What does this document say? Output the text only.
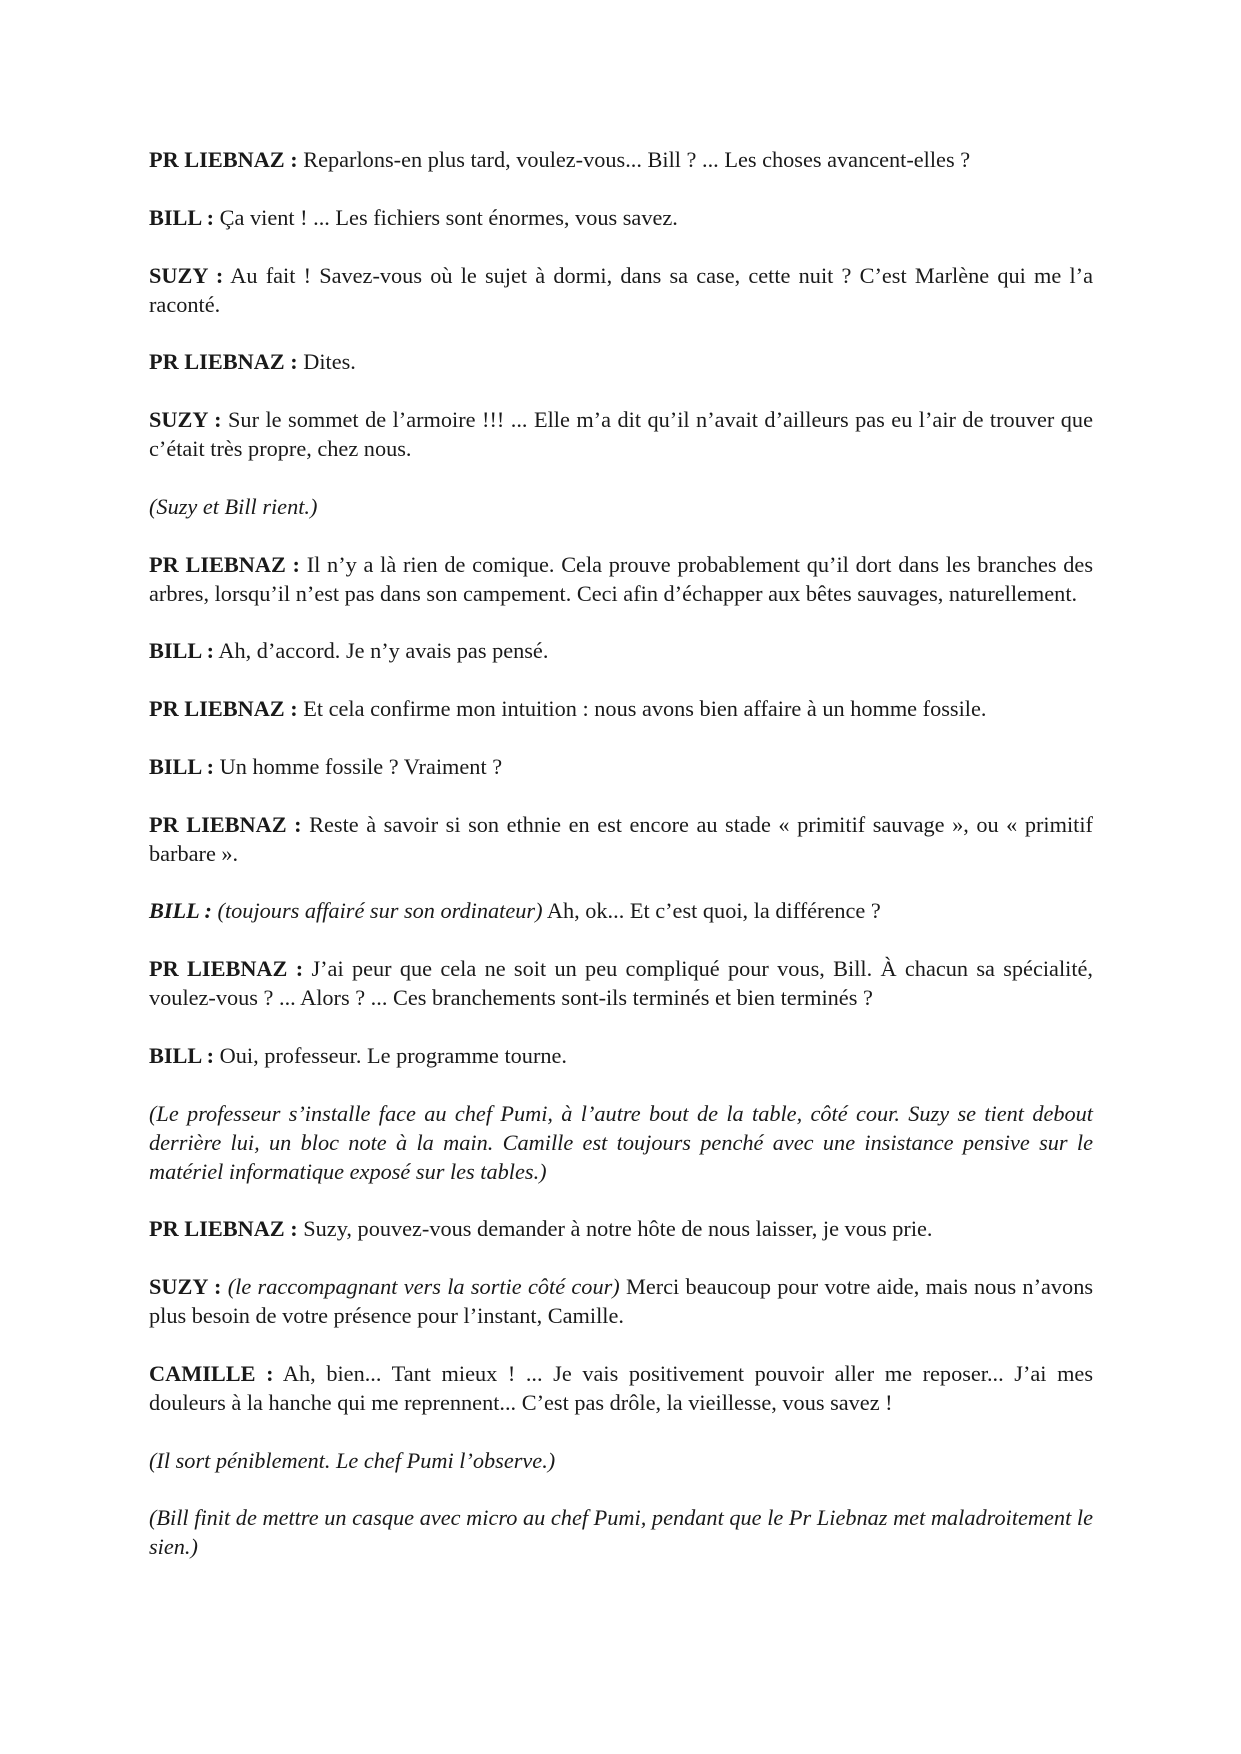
PR LIEBNAZ : Reparlons-en plus tard, voulez-vous... Bill ? ... Les choses avancent-elles ?

BILL : Ça vient ! ... Les fichiers sont énormes, vous savez.

SUZY : Au fait ! Savez-vous où le sujet à dormi, dans sa case, cette nuit ? C’est Marlène qui me l’a raconté.

PR LIEBNAZ : Dites.

SUZY : Sur le sommet de l’armoire !!! ... Elle m’a dit qu’il n’avait d’ailleurs pas eu l’air de trouver que c’était très propre, chez nous.

(Suzy et Bill rient.)

PR LIEBNAZ : Il n’y a là rien de comique. Cela prouve probablement qu’il dort dans les branches des arbres, lorsqu’il n’est pas dans son campement. Ceci afin d’échapper aux bêtes sauvages, naturellement.

BILL : Ah, d’accord. Je n’y avais pas pensé.

PR LIEBNAZ : Et cela confirme mon intuition : nous avons bien affaire à un homme fossile.

BILL : Un homme fossile ? Vraiment ?

PR LIEBNAZ : Reste à savoir si son ethnie en est encore au stade « primitif sauvage », ou « primitif barbare ».

BILL : (toujours affairé sur son ordinateur) Ah, ok... Et c’est quoi, la différence ?

PR LIEBNAZ : J’ai peur que cela ne soit un peu compliqué pour vous, Bill. À chacun sa spécialité, voulez-vous ? ... Alors ? ... Ces branchements sont-ils terminés et bien terminés ?

BILL : Oui, professeur. Le programme tourne.

(Le professeur s’installe face au chef Pumi, à l’autre bout de la table, côté cour. Suzy se tient debout derrière lui, un bloc note à la main. Camille est toujours penché avec une insistance pensive sur le matériel informatique exposé sur les tables.)

PR LIEBNAZ : Suzy, pouvez-vous demander à notre hôte de nous laisser, je vous prie.

SUZY : (le raccompagnant vers la sortie côté cour) Merci beaucoup pour votre aide, mais nous n’avons plus besoin de votre présence pour l’instant, Camille.

CAMILLE : Ah, bien... Tant mieux ! ... Je vais positivement pouvoir aller me reposer... J’ai mes douleurs à la hanche qui me reprennent... C’est pas drôle, la vieillesse, vous savez !

(Il sort péniblement. Le chef Pumi l’observe.)

(Bill finit de mettre un casque avec micro au chef Pumi, pendant que le Pr Liebnaz met maladroitement le sien.)
